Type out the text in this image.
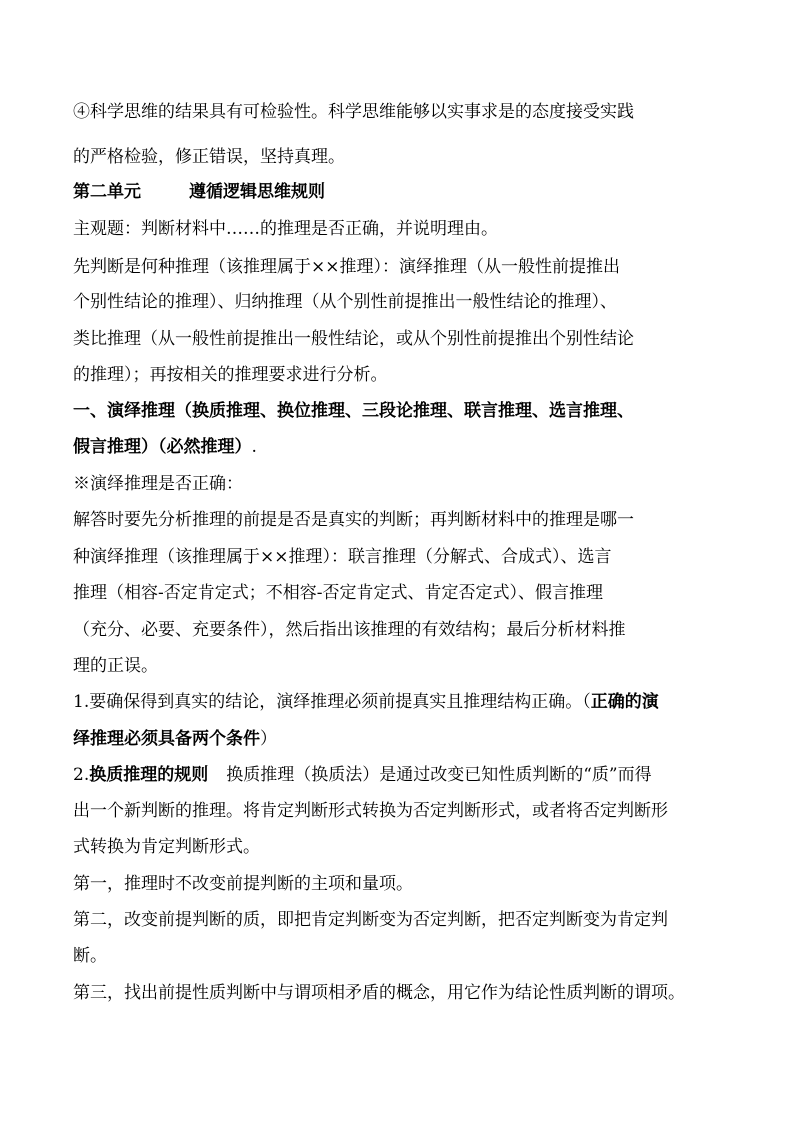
④科学思维的结果具有可检验性。科学思维能够以实事求是的态度接受实践
的严格检验，修正错误，坚持真理。
第二单元	遵循逻辑思维规则
主观题：判断材料中……的推理是否正确，并说明理由。
先判断是何种推理（该推理属于××推理）：演绎推理（从一般性前提推出
个别性结论的推理）、归纳推理（从个别性前提推出一般性结论的推理）、
类比推理（从一般性前提推出一般性结论，或从个别性前提推出个别性结论
的推理）；再按相关的推理要求进行分析。
一、演绎推理（换质推理、换位推理、三段论推理、联言推理、选言推理、
假言推理）（必然推理）.
※演绎推理是否正确：
解答时要先分析推理的前提是否是真实的判断；再判断材料中的推理是哪一
种演绎推理（该推理属于××推理）：联言推理（分解式、合成式）、选言
推理（相容-否定肯定式；不相容-否定肯定式、肯定否定式）、假言推理
（充分、必要、充要条件），然后指出该推理的有效结构；最后分析材料推
理的正误。
1.要确保得到真实的结论，演绎推理必须前提真实且推理结构正确。（正确的演
绎推理必须具备两个条件）
2.换质推理的规则 换质推理（换质法）是通过改变已知性质判断的“质”而得
出一个新判断的推理。将肯定判断形式转换为否定判断形式，或者将否定判断形
式转换为肯定判断形式。
第一，推理时不改变前提判断的主项和量项。
第二，改变前提判断的质，即把肯定判断变为否定判断，把否定判断变为肯定判
断。
第三，找出前提性质判断中与谓项相矛盾的概念，用它作为结论性质判断的谓项。
